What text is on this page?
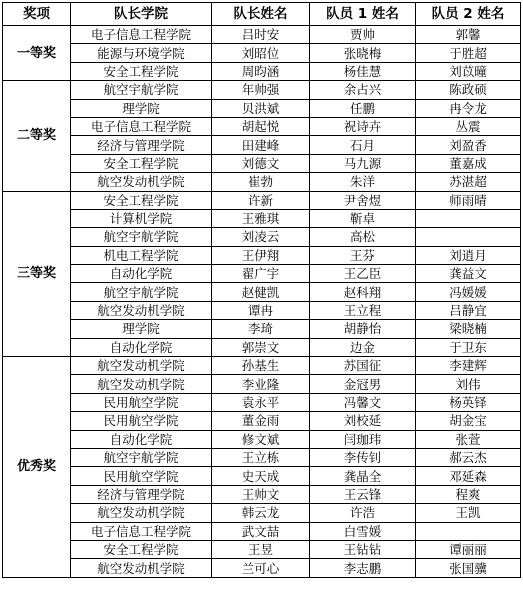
奖项	队长学院	队长姓名	队员 1 姓名	队员 2 姓名
一等奖	电子信息工程学院	吕时安	贾帅	郭馨
	能源与环境学院	刘昭位	张晓梅	于胜超
	安全工程学院	周昀涵	杨佳慧	刘苡曈
二等奖	航空宇航学院	年帅强	余占兴	陈政硕
	理学院	贝洪斌	任鹏	冉令龙
	电子信息工程学院	胡起悦	祝诗卉	丛震
	经济与管理学院	田建峰	石月	刘盈香
	安全工程学院	刘德文	马九源	董嘉成
	航空发动机学院	崔勃	朱洋	苏湛超
三等奖	安全工程学院	许新	尹舍煜	师雨晴
	计算机学院	王雅琪	靳卓	
	航空宇航学院	刘凌云	高松	
	机电工程学院	王伊翔	王芬	刘逍月
	自动化学院	翟广宇	王乙臣	龚益文
	航空宇航学院	赵健凯	赵科翔	冯媛媛
	航空发动机学院	谭冉	王立程	吕静宜
	理学院	李琦	胡静怡	梁晓楠
	自动化学院	郭崇文	边金	于卫东
优秀奖	航空发动机学院	孙基生	苏国征	李建辉
	航空发动机学院	李业隆	金冠男	刘伟
	民用航空学院	袁永平	冯馨文	杨英铎
	民用航空学院	董金雨	刘校延	胡金宝
	自动化学院	修文斌	闫珈玮	张萱
	航空宇航学院	王立栋	李传钊	郝云杰
	民用航空学院	史天成	龚晶全	邓延森
	经济与管理学院	王帅文	王云锋	程爽
	航空发动机学院	韩云龙	许浩	王凯
	电子信息工程学院	武文喆	白雪媛	
	安全工程学院	王昱	王钻钻	谭丽丽
	航空发动机学院	兰可心	李志鹏	张国骥
